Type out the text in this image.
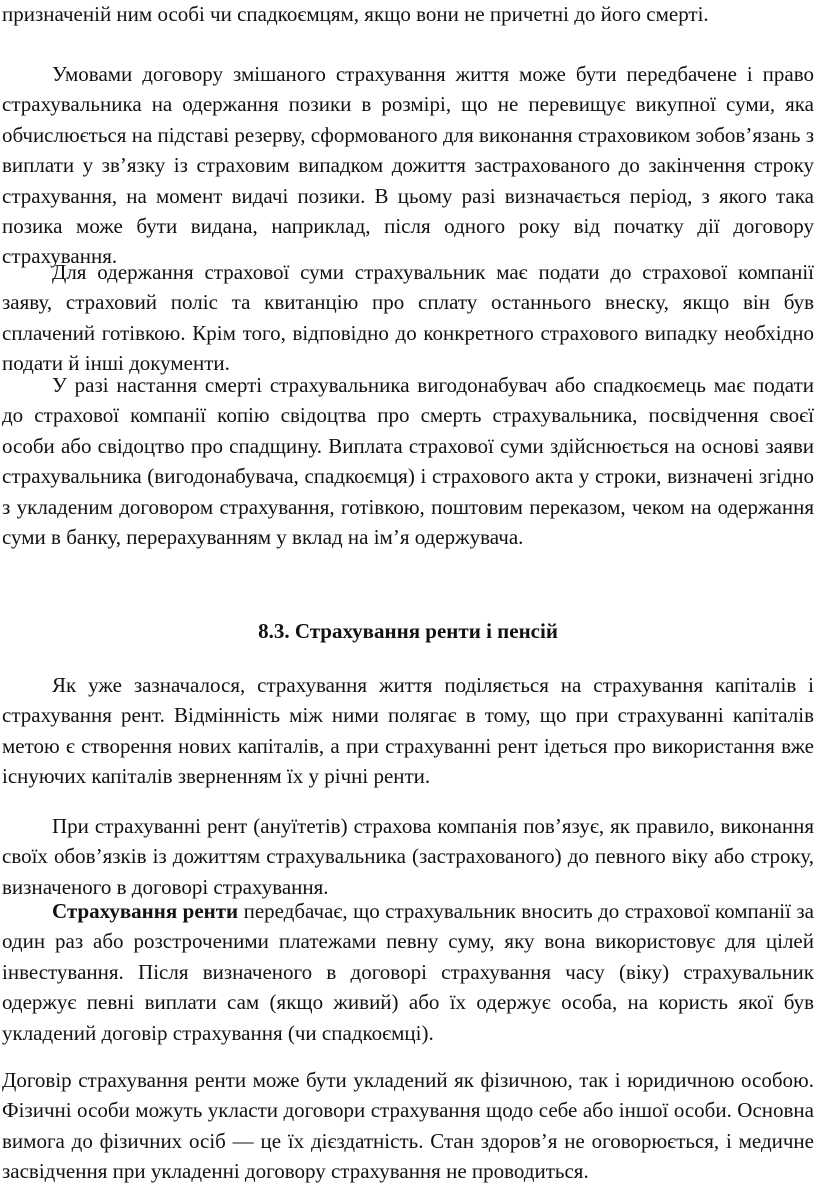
призначеній ним особі чи спадкоємцям, якщо вони не причетні до його смерті.

Умовами договору змішаного страхування життя може бути передбачене і право страхувальника на одержання позики в розмірі, що не перевищує викупної суми, яка обчислюється на підставі резерву, сформованого для виконання страховиком зобов’язань з виплати у зв’язку із страховим випадком дожиття застрахованого до закінчення строку страхування, на момент видачі позики. В цьому разі визначається період, з якого така позика може бути видана, наприклад, після одного року від початку дії договору страхування.

Для одержання страхової суми страхувальник має подати до страхової компанії заяву, страховий поліс та квитанцію про сплату останнього внеску, якщо він був сплачений готівкою. Крім того, відповідно до конкретного страхового випадку необхідно подати й інші документи.

У разі настання смерті страхувальника вигодонабувач або спадкоємець має подати до страхової компанії копію свідоцтва про смерть страхувальника, посвідчення своєї особи або свідоцтво про спадщину. Виплата страхової суми здійснюється на основі заяви страхувальника (вигодонабувача, спадкоємця) і страхового акта у строки, визначені згідно з укладеним договором страхування, готівкою, поштовим переказом, чеком на одержання суми в банку, перерахуванням у вклад на ім’я одержувача.

8.3. Страхування ренти і пенсій

Як уже зазначалося, страхування життя поділяється на страхування капіталів і страхування рент. Відмінність між ними полягає в тому, що при страхуванні капіталів метою є створення нових капіталів, а при страхуванні рент ідеться про використання вже існуючих капіталів зверненням їх у річні ренти.

При страхуванні рент (ануїтетів) страхова компанія пов’язує, як правило, виконання своїх обов’язків із дожиттям страхувальника (застрахованого) до певного віку або строку, визначеного в договорі страхування.

Страхування ренти передбачає, що страхувальник вносить до страхової компанії за один раз або розстроченими платежами певну суму, яку вона використовує для цілей інвестування. Після визначеного в договорі страхування часу (віку) страхувальник одержує певні виплати сам (якщо живий) або їх одержує особа, на користь якої був укладений договір страхування (чи спадкоємці).

Договір страхування ренти може бути укладений як фізичною, так і юридичною особою. Фізичні особи можуть укласти договори страхування щодо себе або іншої особи. Основна вимога до фізичних осіб — це їх дієздатність. Стан здоров’я не оговорюється, і медичне засвідчення при укладенні договору страхування не проводиться.
